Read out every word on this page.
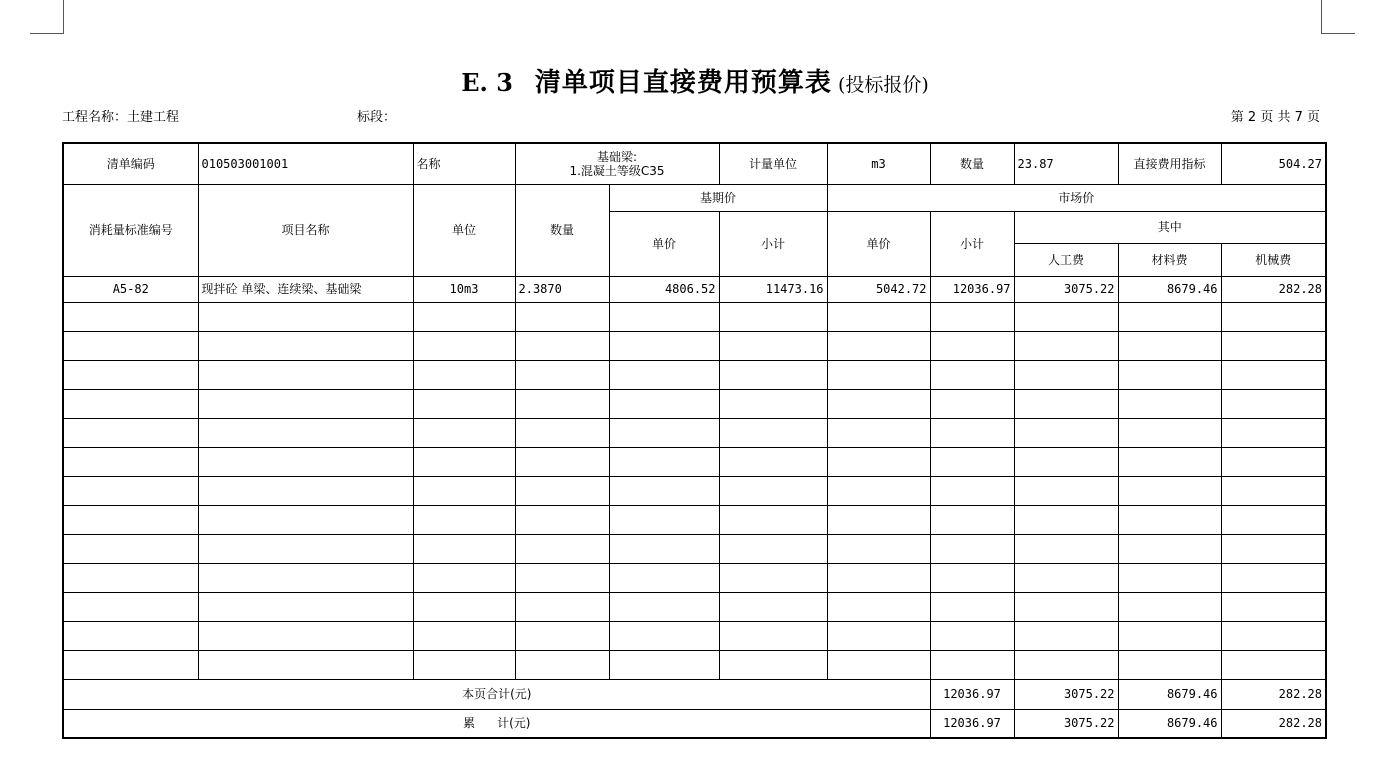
E. 3 清单项目直接费用预算表 (投标报价)
工程名称：土建工程	标段：	第 2 页 共 7 页
清单编码	010503001001	名称	基础梁:
1.混凝土等级C35		计量单位	m3	数量	23.87	直接费用指标	504.27
消耗量标准编号	项目名称	单位	数量	基期价		市场价				
				单价	小计	单价	小计	其中		
								人工费	材料费	机械费
A5-82	现拌砼 单梁、连续梁、基础梁	10m3	2.3870	4806.52	11473.16	5042.72	12036.97	3075.22	8679.46	282.28

本页合计(元)							12036.97	3075.22	8679.46	282.28
累 计(元)							12036.97	3075.22	8679.46	282.28
